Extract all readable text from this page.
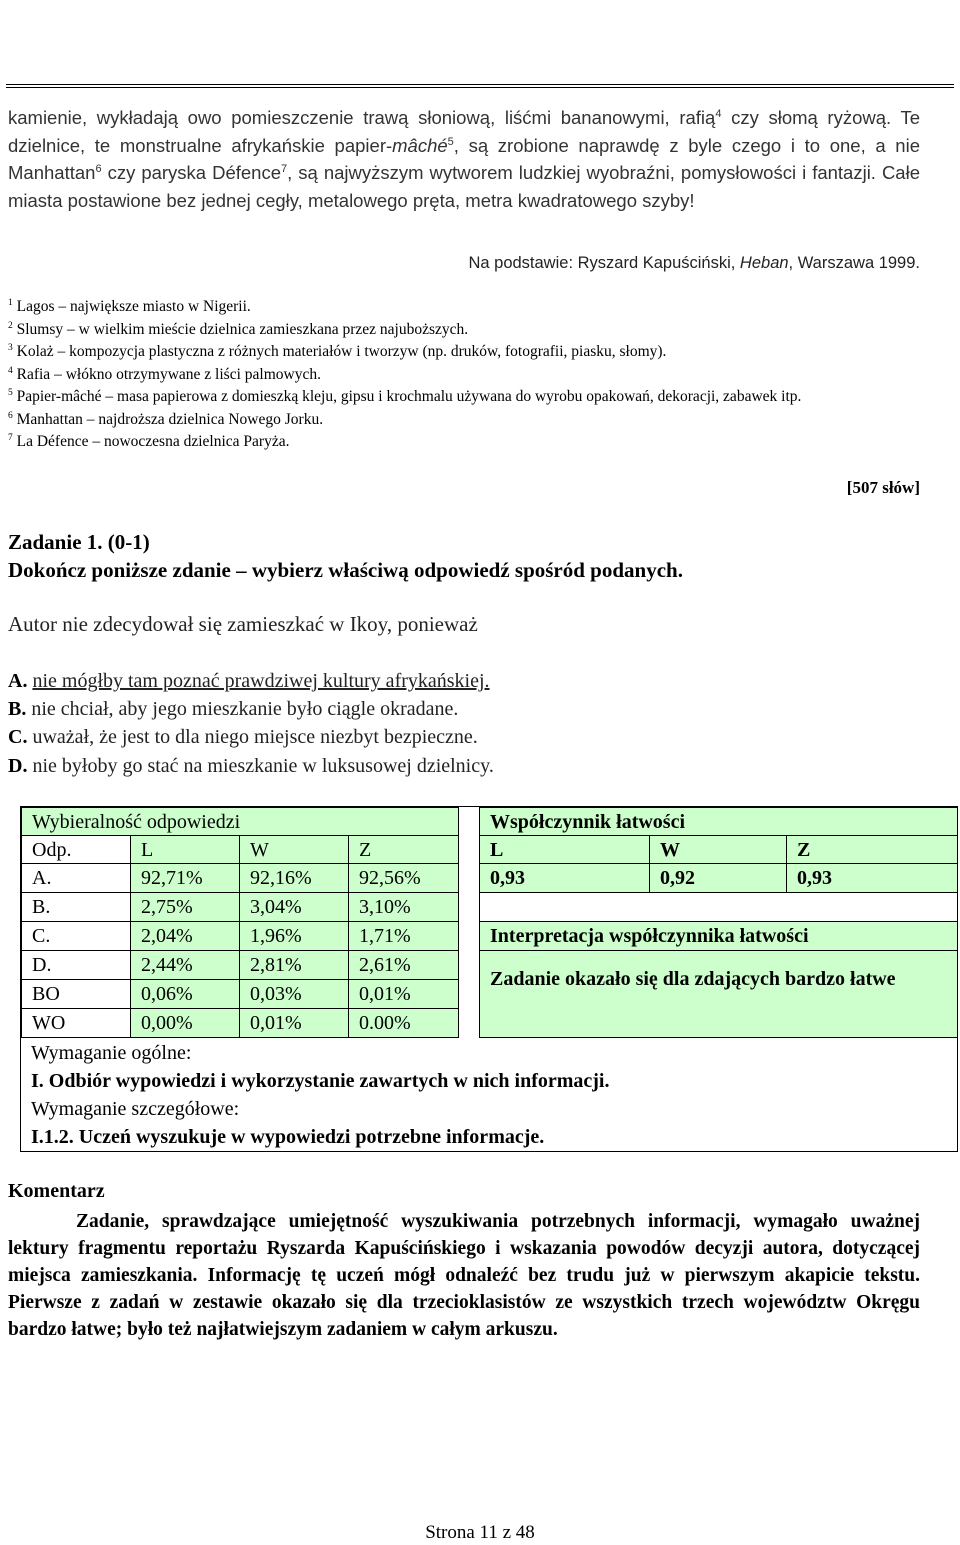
Okręgowa Komisja Egzaminacyjna w Poznaniu
Egzamin gimnazjalny 2014 – JĘZYK POLSKI
analiza poziomu opanowania umiejętności uczniowskich sprawdzanych poprzez zadania
kamienie, wykładają owo pomieszczenie trawą słoniową, liśćmi bananowymi, rafią$^4$ czy słomą ryżową. Te dzielnice, te monstrualne afrykańskie papier-mâché$^5$, są zrobione naprawdę z byle czego i to one, a nie Manhattan$^6$ czy paryska Défence$^7$, są najwyższym wytworem ludzkiej wyobraźni, pomysłowości i fantazji. Całe miasta postawione bez jednej cegły, metalowego pręta, metra kwadratowego szyby!
Na podstawie: Ryszard Kapuściński, Heban, Warszawa 1999.
$^1$ Lagos – największe miasto w Nigerii.
$^2$ Slumsy – w wielkim mieście dzielnica zamieszkana przez najuboższych.
$^3$ Kolaż – kompozycja plastyczna z różnych materiałów i tworzyw (np. druków, fotografii, piasku, słomy).
$^4$ Rafia – włókno otrzymywane z liści palmowych.
$^5$ Papier-mâché – masa papierowa z domieszką kleju, gipsu i krochmalu używana do wyrobu opakowań, dekoracji, zabawek itp.
$^6$ Manhattan – najdroższa dzielnica Nowego Jorku.
$^7$ La Défence – nowoczesna dzielnica Paryża.
[507 słów]
Zadanie 1. (0-1)
Dokończ poniższe zdanie – wybierz właściwą odpowiedź spośród podanych.
Autor nie zdecydował się zamieszkać w Ikoy, ponieważ
A. nie mógłby tam poznać prawdziwej kultury afrykańskiej.
B. nie chciał, aby jego mieszkanie było ciągle okradane.
C. uważał, że jest to dla niego miejsce niezbyt bezpieczne.
D. nie byłoby go stać na mieszkanie w luksusowej dzielnicy.
Wybieralność odpowiedzi
Odp.	L	W	Z
A.	92,71%	92,16%	92,56%
B.	2,75%	3,04%	3,10%
C.	2,04%	1,96%	1,71%
D.	2,44%	2,81%	2,61%
BO	0,06%	0,03%	0,01%
WO	0,00%	0,01%	0.00%
Współczynnik łatwości
L	W	Z
0,93	0,92	0,93
Interpretacja współczynnika łatwości
Zadanie okazało się dla zdających bardzo łatwe
Wymaganie ogólne:
I. Odbiór wypowiedzi i wykorzystanie zawartych w nich informacji.
Wymaganie szczegółowe:
I.1.2. Uczeń wyszukuje w wypowiedzi potrzebne informacje.
Komentarz
Zadanie, sprawdzające umiejętność wyszukiwania potrzebnych informacji, wymagało uważnej lektury fragmentu reportażu Ryszarda Kapuścińskiego i wskazania powodów decyzji autora, dotyczącej miejsca zamieszkania. Informację tę uczeń mógł odnaleźć bez trudu już w pierwszym akapicie tekstu. Pierwsze z zadań w zestawie okazało się dla trzecioklasistów ze wszystkich trzech województw Okręgu bardzo łatwe; było też najłatwiejszym zadaniem w całym arkuszu.
Strona 11 z 48
